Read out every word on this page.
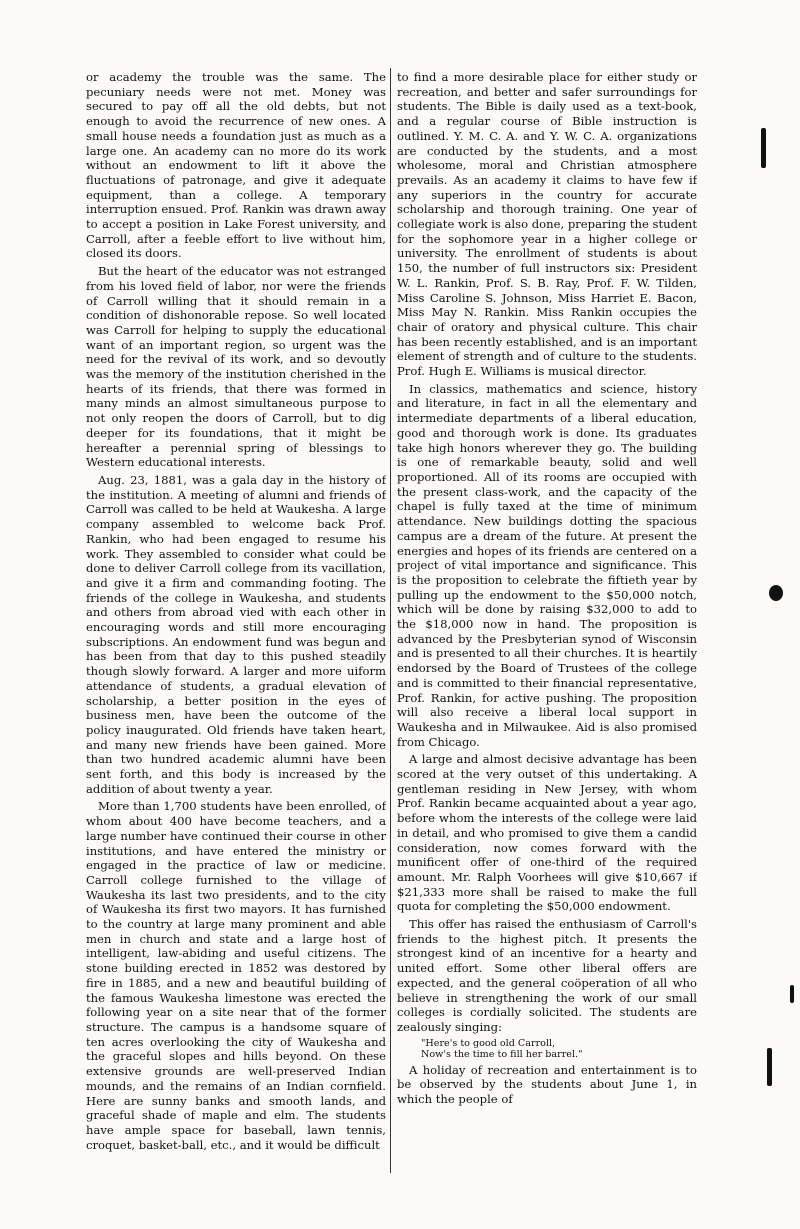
or academy the trouble was the same. The pecuniary needs were not met. Money was secured to pay off all the old debts, but not enough to avoid the recurrence of new ones. A small house needs a foundation just as much as a large one. An academy can no more do its work without an endowment to lift it above the fluctuations of patronage, and give it adequate equipment, than a college. A temporary interruption ensued. Prof. Rankin was drawn away to accept a position in Lake Forest university, and Carroll, after a feeble effort to live without him, closed its doors.

But the heart of the educator was not estranged from his loved field of labor, nor were the friends of Carroll willing that it should remain in a condition of dishonorable repose. So well located was Carroll for helping to supply the educational want of an important region, so urgent was the need for the revival of its work, and so devoutly was the memory of the institution cherished in the hearts of its friends, that there was formed in many minds an almost simultaneous purpose to not only reopen the doors of Carroll, but to dig deeper for its foundations, that it might be hereafter a perennial spring of blessings to Western educational interests.

Aug. 23, 1881, was a gala day in the history of the institution. A meeting of alumni and friends of Carroll was called to be held at Waukesha. A large company assembled to welcome back Prof. Rankin, who had been engaged to resume his work. They assembled to consider what could be done to deliver Carroll college from its vacillation, and give it a firm and commanding footing. The friends of the college in Waukesha, and students and others from abroad vied with each other in encouraging words and still more encouraging subscriptions. An endowment fund was begun and has been from that day to this pushed steadily though slowly forward. A larger and more uiform attendance of students, a gradual elevation of scholarship, a better position in the eyes of business men, have been the outcome of the policy inaugurated. Old friends have taken heart, and many new friends have been gained. More than two hundred academic alumni have been sent forth, and this body is increased by the addition of about twenty a year.

More than 1,700 students have been enrolled, of whom about 400 have become teachers, and a large number have continued their course in other institutions, and have entered the ministry or engaged in the practice of law or medicine. Carroll college furnished to the village of Waukesha its last two presidents, and to the city of Waukesha its first two mayors. It has furnished to the country at large many prominent and able men in church and state and a large host of intelligent, law-abiding and useful citizens. The stone building erected in 1852 was destored by fire in 1885, and a new and beautiful building of the famous Waukesha limestone was erected the following year on a site near that of the former structure. The campus is a handsome square of ten acres overlooking the city of Waukesha and the graceful slopes and hills beyond. On these extensive grounds are well-preserved Indian mounds, and the remains of an Indian cornfield. Here are sunny banks and smooth lands, and graceful shade of maple and elm. The students have ample space for baseball, lawn tennis, croquet, basket-ball, etc., and it would be difficult

to find a more desirable place for either study or recreation, and better and safer surroundings for students. The Bible is daily used as a text-book, and a regular course of Bible instruction is outlined. Y. M. C. A. and Y. W. C. A. organizations are conducted by the students, and a most wholesome, moral and Christian atmosphere prevails. As an academy it claims to have few if any superiors in the country for accurate scholarship and thorough training. One year of collegiate work is also done, preparing the student for the sophomore year in a higher college or university. The enrollment of students is about 150, the number of full instructors six: President W. L. Rankin, Prof. S. B. Ray, Prof. F. W. Tilden, Miss Caroline S. Johnson, Miss Harriet E. Bacon, Miss May N. Rankin. Miss Rankin occupies the chair of oratory and physical culture. This chair has been recently established, and is an important element of strength and of culture to the students. Prof. Hugh E. Williams is musical director.

In classics, mathematics and science, history and literature, in fact in all the elementary and intermediate departments of a liberal education, good and thorough work is done. Its graduates take high honors wherever they go. The building is one of remarkable beauty, solid and well proportioned. All of its rooms are occupied with the present class-work, and the capacity of the chapel is fully taxed at the time of minimum attendance. New buildings dotting the spacious campus are a dream of the future. At present the energies and hopes of its friends are centered on a project of vital importance and significance. This is the proposition to celebrate the fiftieth year by pulling up the endowment to the $50,000 notch, which will be done by raising $32,000 to add to the $18,000 now in hand. The proposition is advanced by the Presbyterian synod of Wisconsin and is presented to all their churches. It is heartily endorsed by the Board of Trustees of the college and is committed to their financial representative, Prof. Rankin, for active pushing. The proposition will also receive a liberal local support in Waukesha and in Milwaukee. Aid is also promised from Chicago.

A large and almost decisive advantage has been scored at the very outset of this undertaking. A gentleman residing in New Jersey, with whom Prof. Rankin became acquainted about a year ago, before whom the interests of the college were laid in detail, and who promised to give them a candid consideration, now comes forward with the munificent offer of one-third of the required amount. Mr. Ralph Voorhees will give $10,667 if $21,333 more shall be raised to make the full quota for completing the $50,000 endowment.

This offer has raised the enthusiasm of Carroll's friends to the highest pitch. It presents the strongest kind of an incentive for a hearty and united effort. Some other liberal offers are expected, and the general coöperation of all who believe in strengthening the work of our small colleges is cordially solicited. The students are zealously singing:

"Here's to good old Carroll,
Now's the time to fill her barrel."

A holiday of recreation and entertainment is to be observed by the students about June 1, in which the people of
